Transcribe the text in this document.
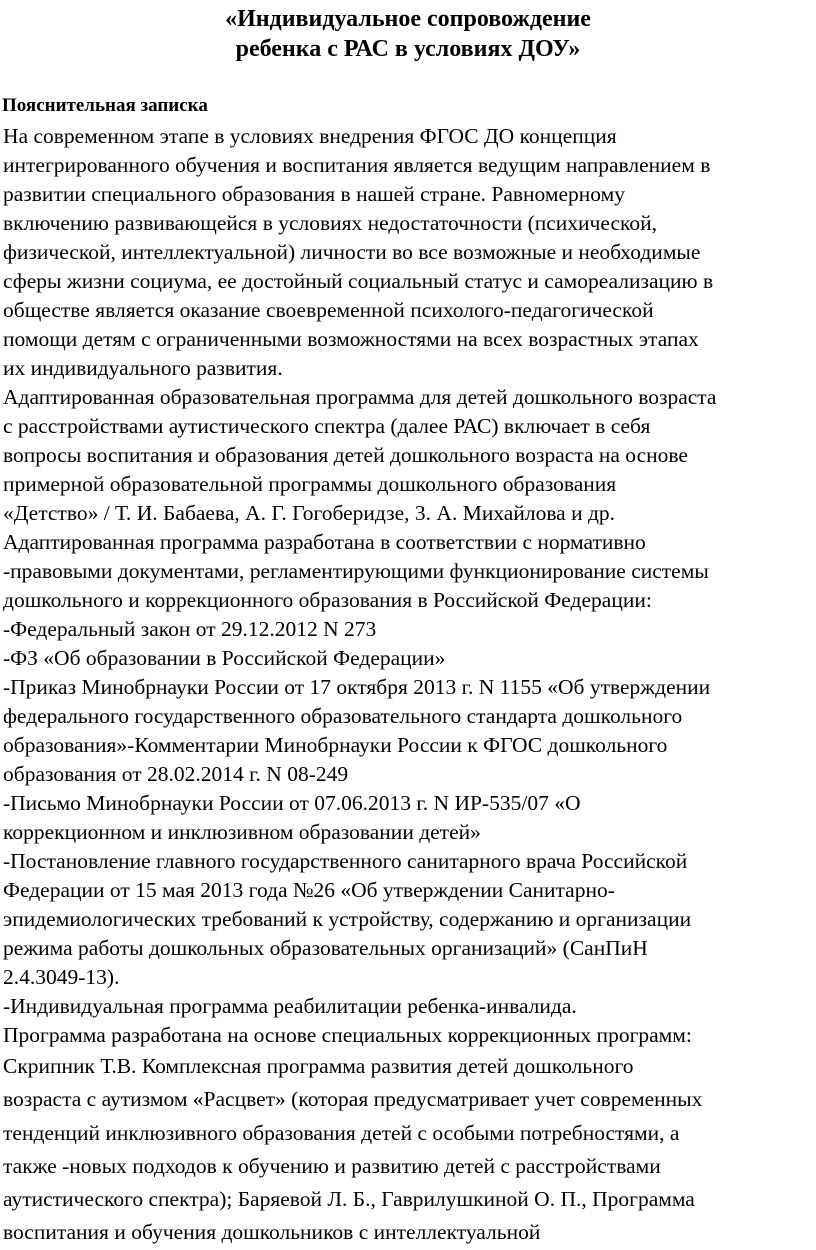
«Индивидуальное сопровождение
ребенка с РАС в условиях ДОУ»
Пояснительная записка
На современном этапе в условиях внедрения ФГОС ДО концепция
интегрированного обучения и воспитания является ведущим направлением в
развитии специального образования в нашей стране. Равномерному
включению развивающейся в условиях недостаточности (психической,
физической, интеллектуальной) личности во все возможные и необходимые
сферы жизни социума, ее достойный социальный статус и самореализацию в
обществе является оказание своевременной психолого-педагогической
помощи детям с ограниченными возможностями на всех возрастных этапах
их индивидуального развития.
Адаптированная образовательная программа для детей дошкольного возраста
с расстройствами аутистического спектра (далее РАС) включает в себя
вопросы воспитания и образования детей дошкольного возраста на основе
примерной образовательной программы дошкольного образования
«Детство» / Т. И. Бабаева, А. Г. Гогоберидзе, 3. А. Михайлова и др.
Адаптированная программа разработана в соответствии с нормативно
-правовыми документами, регламентирующими функционирование системы
дошкольного и коррекционного образования в Российской Федерации:
-Федеральный закон от 29.12.2012 N 273
-ФЗ «Об образовании в Российской Федерации»
-Приказ Минобрнауки России от 17 октября 2013 г. N 1155 «Об утверждении
федерального государственного образовательного стандарта дошкольного
образования»-Комментарии Минобрнауки России к ФГОС дошкольного
образования от 28.02.2014 г. N 08-249
-Письмо Минобрнауки России от 07.06.2013 г. N ИР-535/07 «О
коррекционном и инклюзивном образовании детей»
-Постановление главного государственного санитарного врача Российской
Федерации от 15 мая 2013 года №26 «Об утверждении Санитарно-
эпидемиологических требований к устройству, содержанию и организации
режима работы дошкольных образовательных организаций» (СанПиН
2.4.3049-13).
-Индивидуальная программа реабилитации ребенка-инвалида.
Программа разработана на основе специальных коррекционных программ:
Скрипник Т.В. Комплексная программа развития детей дошкольного
возраста с аутизмом «Расцвет» (которая предусматривает учет современных
тенденций инклюзивного образования детей с особыми потребностями, а
также -новых подходов к обучению и развитию детей с расстройствами
аутистического спектра); Баряевой Л. Б., Гаврилушкиной О. П., Программа
воспитания и обучения дошкольников с интеллектуальной
